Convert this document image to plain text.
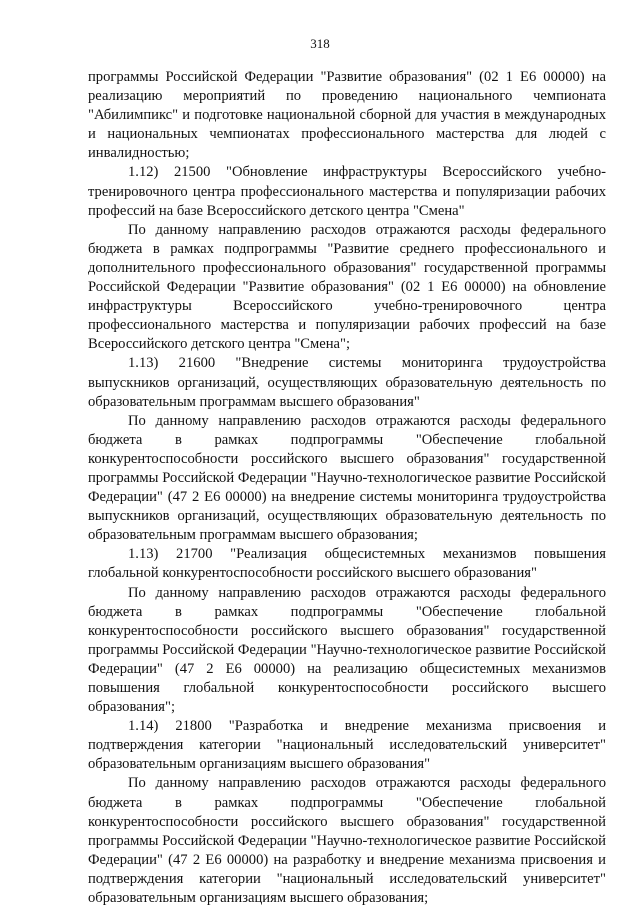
318

программы Российской Федерации "Развитие образования" (02 1 E6 00000) на реализацию мероприятий по проведению национального чемпионата "Абилимпикс" и подготовке национальной сборной для участия в международных и национальных чемпионатах профессионального мастерства для людей с инвалидностью;

1.12) 21500 "Обновление инфраструктуры Всероссийского учебно-тренировочного центра профессионального мастерства и популяризации рабочих профессий на базе Всероссийского детского центра "Смена"

По данному направлению расходов отражаются расходы федерального бюджета в рамках подпрограммы "Развитие среднего профессионального и дополнительного профессионального образования" государственной программы Российской Федерации "Развитие образования" (02 1 E6 00000) на обновление инфраструктуры Всероссийского учебно-тренировочного центра профессионального мастерства и популяризации рабочих профессий на базе Всероссийского детского центра "Смена";

1.13) 21600 "Внедрение системы мониторинга трудоустройства выпускников организаций, осуществляющих образовательную деятельность по образовательным программам высшего образования"

По данному направлению расходов отражаются расходы федерального бюджета в рамках подпрограммы "Обеспечение глобальной конкурентоспособности российского высшего образования" государственной программы Российской Федерации "Научно-технологическое развитие Российской Федерации" (47 2 E6 00000) на внедрение системы мониторинга трудоустройства выпускников организаций, осуществляющих образовательную деятельность по образовательным программам высшего образования;

1.13) 21700 "Реализация общесистемных механизмов повышения глобальной конкурентоспособности российского высшего образования"

По данному направлению расходов отражаются расходы федерального бюджета в рамках подпрограммы "Обеспечение глобальной конкурентоспособности российского высшего образования" государственной программы Российской Федерации "Научно-технологическое развитие Российской Федерации" (47 2 E6 00000) на реализацию общесистемных механизмов повышения глобальной конкурентоспособности российского высшего образования";

1.14) 21800 "Разработка и внедрение механизма присвоения и подтверждения категории "национальный исследовательский университет" образовательным организациям высшего образования"

По данному направлению расходов отражаются расходы федерального бюджета в рамках подпрограммы "Обеспечение глобальной конкурентоспособности российского высшего образования" государственной программы Российской Федерации "Научно-технологическое развитие Российской Федерации" (47 2 E6 00000) на разработку и внедрение механизма присвоения и подтверждения категории "национальный исследовательский университет" образовательным организациям высшего образования;
